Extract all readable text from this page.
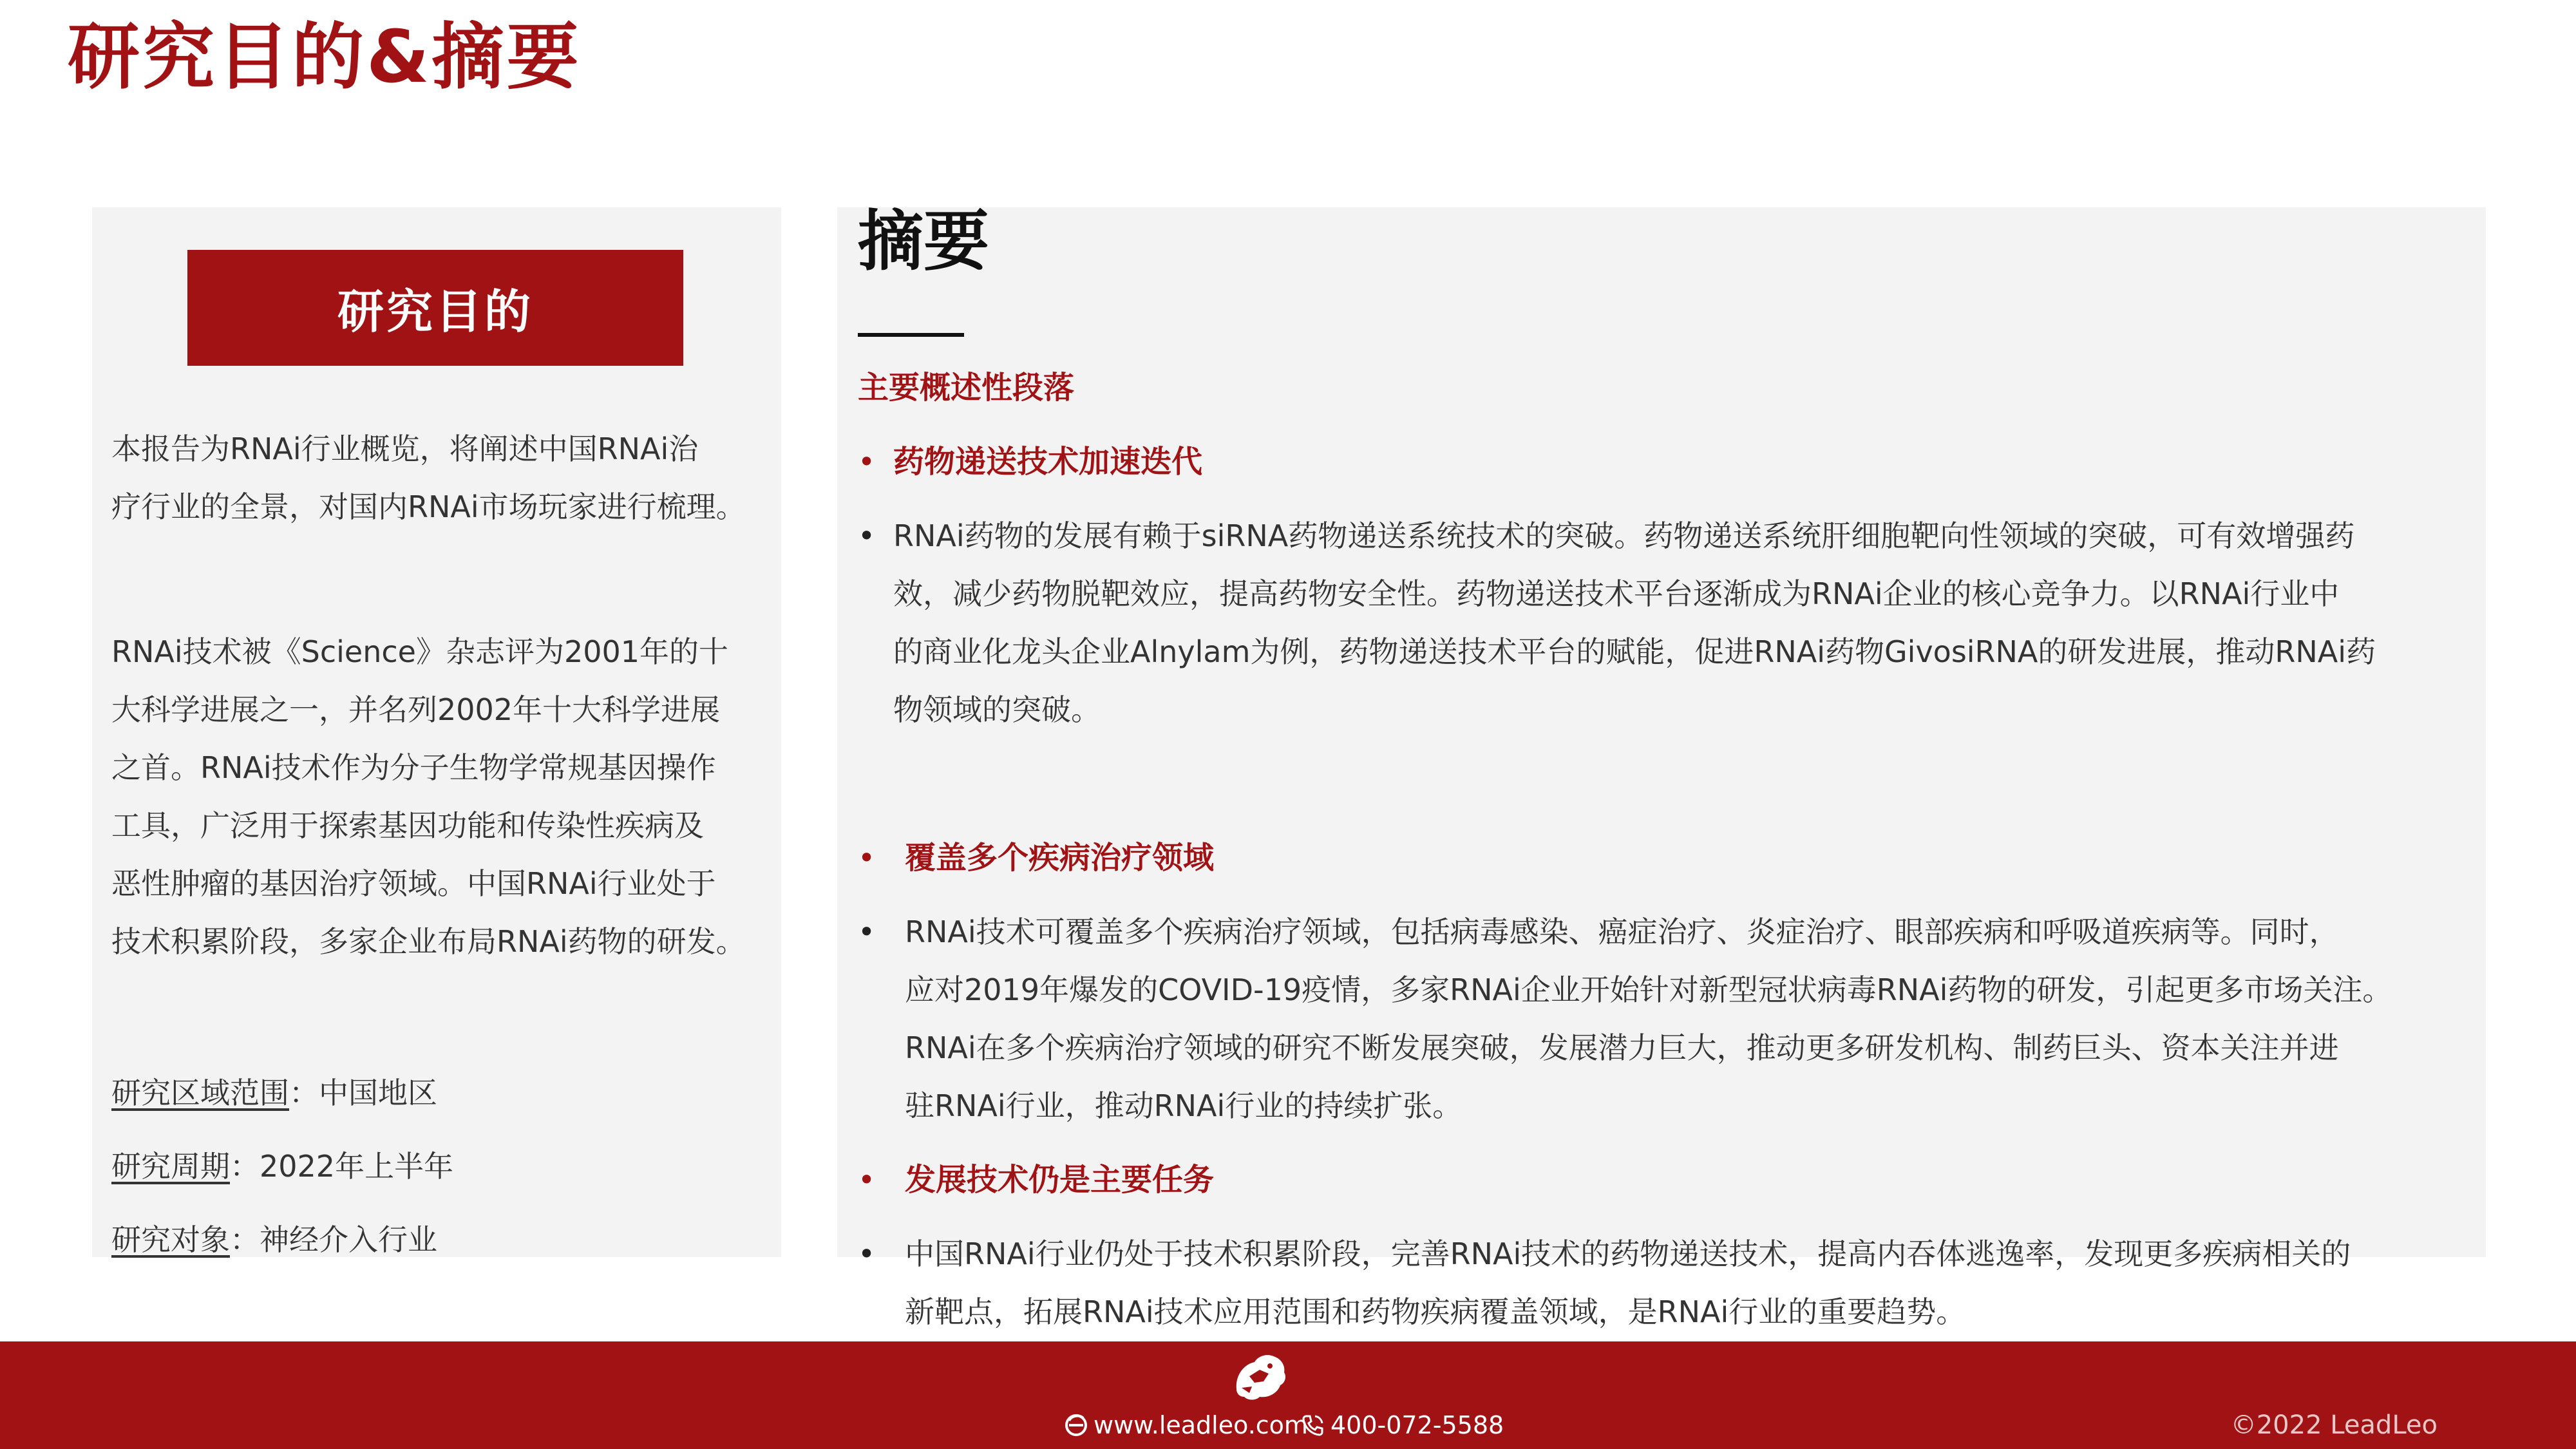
研究目的&摘要
研究目的

本报告为RNAi行业概览，将阐述中国RNAi治

疗行业的全景，对国内RNAi市场玩家进行梳理。

RNAi技术被《Science》杂志评为2001年的十

大科学进展之一，并名列2002年十大科学进展

之首。RNAi技术作为分子生物学常规基因操作

工具，广泛用于探索基因功能和传染性疾病及

恶性肿瘤的基因治疗领域。中国RNAi行业处于

技术积累阶段，多家企业布局RNAi药物的研发。

研究区域范围：中国地区
研究周期：2022年上半年
研究对象：神经介入行业
摘要
主要概述性段落
• 药物递送技术加速迭代
• RNAi药物的发展有赖于siRNA药物递送系统技术的突破。药物递送系统肝细胞靶向性领域的突破，可有效增强药
效，减少药物脱靶效应，提高药物安全性。药物递送技术平台逐渐成为RNAi企业的核心竞争力。以RNAi行业中
的商业化龙头企业Alnylam为例，药物递送技术平台的赋能，促进RNAi药物GivosiRNA的研发进展，推动RNAi药
物领域的突破。
• 覆盖多个疾病治疗领域
• RNAi技术可覆盖多个疾病治疗领域，包括病毒感染、癌症治疗、炎症治疗、眼部疾病和呼吸道疾病等。同时，
应对2019年爆发的COVID-19疫情，多家RNAi企业开始针对新型冠状病毒RNAi药物的研发，引起更多市场关注。
RNAi在多个疾病治疗领域的研究不断发展突破，发展潜力巨大，推动更多研发机构、制药巨头、资本关注并进
驻RNAi行业，推动RNAi行业的持续扩张。
• 发展技术仍是主要任务
• 中国RNAi行业仍处于技术积累阶段，完善RNAi技术的药物递送技术，提高内吞体逃逸率，发现更多疾病相关的
新靶点，拓展RNAi技术应用范围和药物疾病覆盖领域，是RNAi行业的重要趋势。
www.leadleo.com 400-072-5588	©2022 LeadLeo
